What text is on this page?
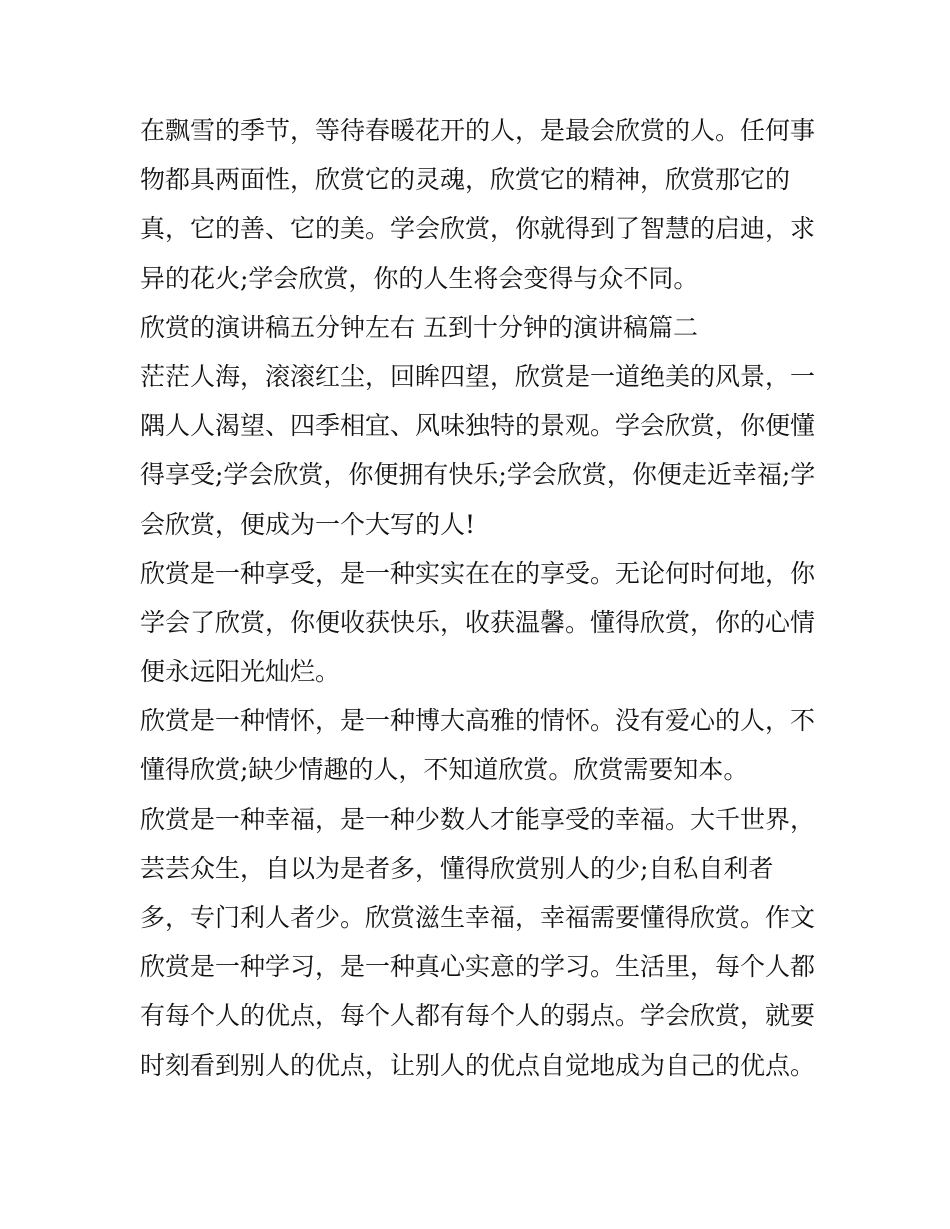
在飘雪的季节，等待春暖花开的人，是最会欣赏的人。任何事
物都具两面性，欣赏它的灵魂，欣赏它的精神，欣赏那它的
真，它的善、它的美。学会欣赏，你就得到了智慧的启迪，求
异的花火;学会欣赏，你的人生将会变得与众不同。
欣赏的演讲稿五分钟左右 五到十分钟的演讲稿篇二
茫茫人海，滚滚红尘，回眸四望，欣赏是一道绝美的风景，一
隅人人渴望、四季相宜、风味独特的景观。学会欣赏，你便懂
得享受;学会欣赏，你便拥有快乐;学会欣赏，你便走近幸福;学
会欣赏，便成为一个大写的人!
欣赏是一种享受，是一种实实在在的享受。无论何时何地，你
学会了欣赏，你便收获快乐，收获温馨。懂得欣赏，你的心情
便永远阳光灿烂。
欣赏是一种情怀，是一种博大高雅的情怀。没有爱心的人，不
懂得欣赏;缺少情趣的人，不知道欣赏。欣赏需要知本。
欣赏是一种幸福，是一种少数人才能享受的幸福。大千世界，
芸芸众生，自以为是者多，懂得欣赏别人的少;自私自利者
多，专门利人者少。欣赏滋生幸福，幸福需要懂得欣赏。作文
欣赏是一种学习，是一种真心实意的学习。生活里，每个人都
有每个人的优点，每个人都有每个人的弱点。学会欣赏，就要
时刻看到别人的优点，让别人的优点自觉地成为自己的优点。
